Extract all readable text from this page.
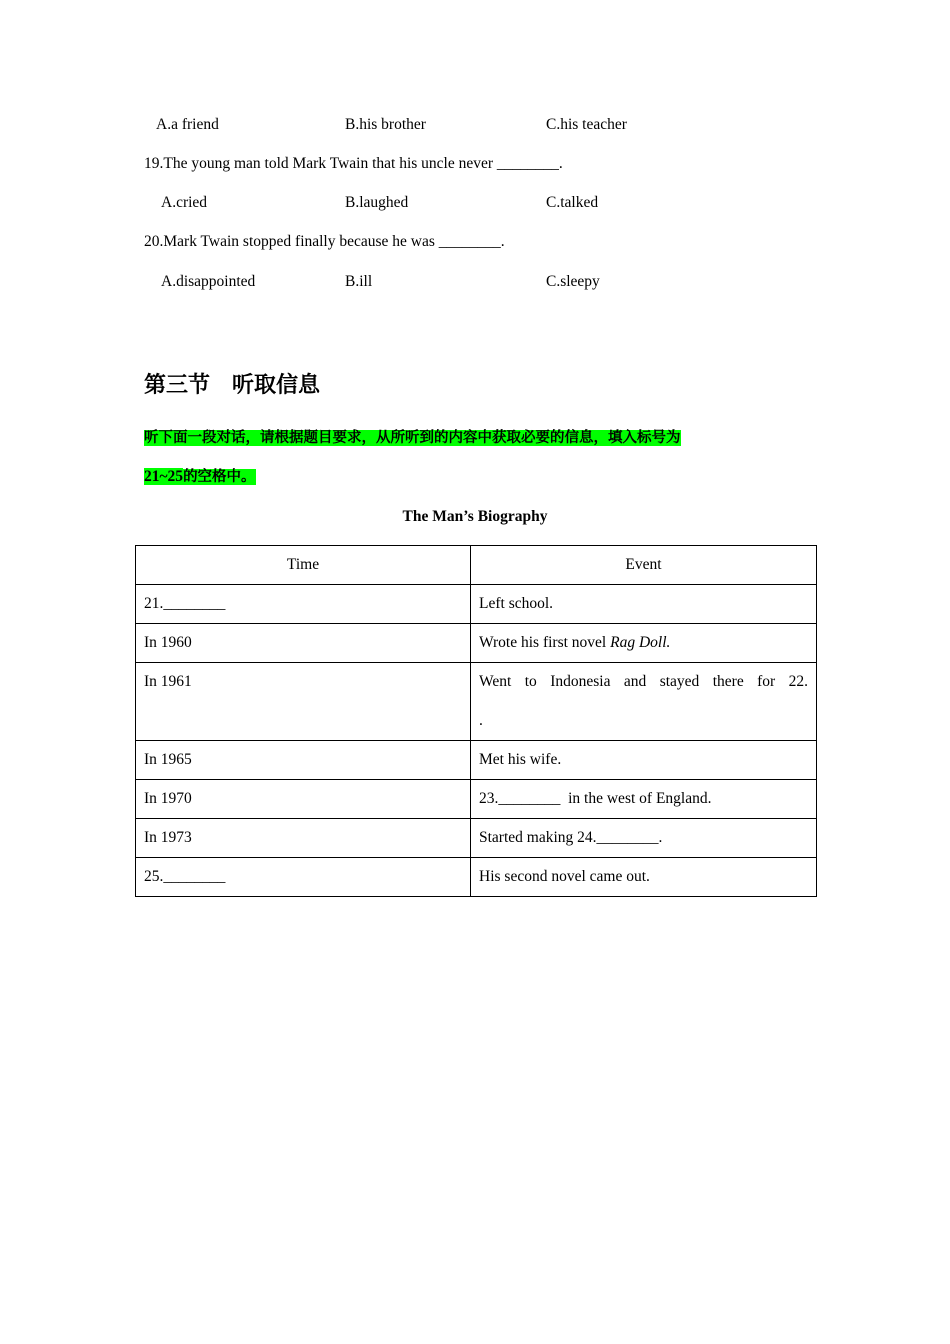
A.a friend	B.his brother	C.his teacher
19.The young man told Mark Twain that his uncle never ________.
A.cried	B.laughed	C.talked
20.Mark Twain stopped finally because he was ________.
A.disappointed	B.ill	C.sleepy
第三节　听取信息
听下面一段对话，请根据题目要求，从所听到的内容中获取必要的信息，填入标号为
21~25的空格中。
The Man’s Biography
Time	Event
21.________	Left school.
In 1960	Wrote his first novel Rag Doll.
In 1961	Went to Indonesia and stayed there for 22.
.

In 1965	Met his wife.
In 1970	23.________  in the west of England.
In 1973	Started making 24.________.
25.________	His second novel came out.
